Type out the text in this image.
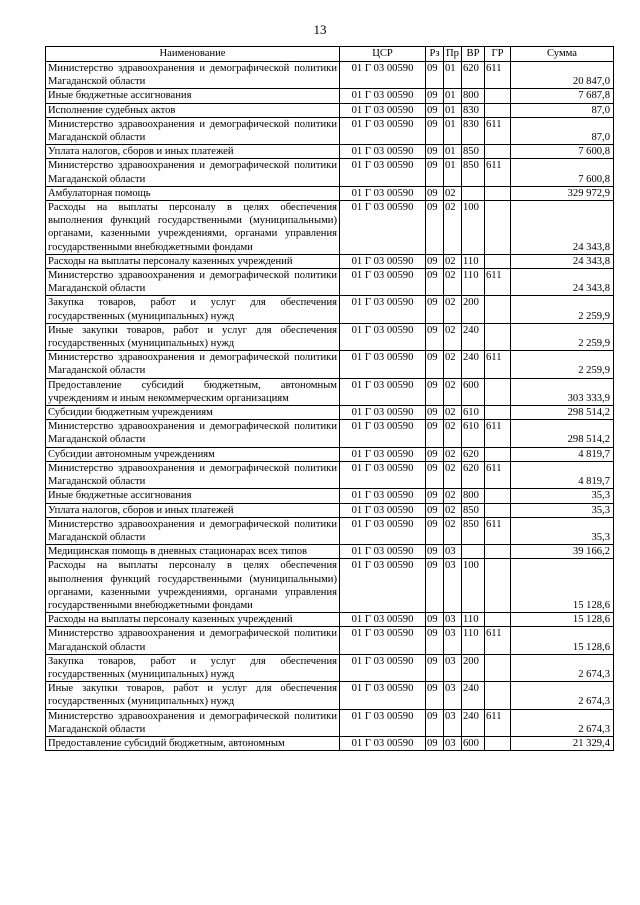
13
Наименование	ЦСР	Рз	Пр	ВР	ГР	Сумма
Министерство здравоохранения и демографической политики Магаданской области	01 Г 03 00590	09	01	620	611	20 847,0
Иные бюджетные ассигнования	01 Г 03 00590	09	01	800		7 687,8
Исполнение судебных актов	01 Г 03 00590	09	01	830		87,0
Министерство здравоохранения и демографической политики Магаданской области	01 Г 03 00590	09	01	830	611	87,0
Уплата налогов, сборов и иных платежей	01 Г 03 00590	09	01	850		7 600,8
Министерство здравоохранения и демографической политики Магаданской области	01 Г 03 00590	09	01	850	611	7 600,8
Амбулаторная помощь	01 Г 03 00590	09	02			329 972,9
Расходы на выплаты персоналу в целях обеспечения выполнения функций государственными (муниципальными) органами, казенными учреждениями, органами управления государственными внебюджетными фондами	01 Г 03 00590	09	02	100		24 343,8
Расходы на выплаты персоналу казенных учреждений	01 Г 03 00590	09	02	110		24 343,8
Министерство здравоохранения и демографической политики Магаданской области	01 Г 03 00590	09	02	110	611	24 343,8
Закупка товаров, работ и услуг для обеспечения государственных (муниципальных) нужд	01 Г 03 00590	09	02	200		2 259,9
Иные закупки товаров, работ и услуг для обеспечения государственных (муниципальных) нужд	01 Г 03 00590	09	02	240		2 259,9
Министерство здравоохранения и демографической политики Магаданской области	01 Г 03 00590	09	02	240	611	2 259,9
Предоставление субсидий бюджетным, автономным учреждениям и иным некоммерческим организациям	01 Г 03 00590	09	02	600		303 333,9
Субсидии бюджетным учреждениям	01 Г 03 00590	09	02	610		298 514,2
Министерство здравоохранения и демографической политики Магаданской области	01 Г 03 00590	09	02	610	611	298 514,2
Субсидии автономным учреждениям	01 Г 03 00590	09	02	620		4 819,7
Министерство здравоохранения и демографической политики Магаданской области	01 Г 03 00590	09	02	620	611	4 819,7
Иные бюджетные ассигнования	01 Г 03 00590	09	02	800		35,3
Уплата налогов, сборов и иных платежей	01 Г 03 00590	09	02	850		35,3
Министерство здравоохранения и демографической политики Магаданской области	01 Г 03 00590	09	02	850	611	35,3
Медицинская помощь в дневных стационарах всех типов	01 Г 03 00590	09	03			39 166,2
Расходы на выплаты персоналу в целях обеспечения выполнения функций государственными (муниципальными) органами, казенными учреждениями, органами управления государственными внебюджетными фондами	01 Г 03 00590	09	03	100		15 128,6
Расходы на выплаты персоналу казенных учреждений	01 Г 03 00590	09	03	110		15 128,6
Министерство здравоохранения и демографической политики Магаданской области	01 Г 03 00590	09	03	110	611	15 128,6
Закупка товаров, работ и услуг для обеспечения государственных (муниципальных) нужд	01 Г 03 00590	09	03	200		2 674,3
Иные закупки товаров, работ и услуг для обеспечения государственных (муниципальных) нужд	01 Г 03 00590	09	03	240		2 674,3
Министерство здравоохранения и демографической политики Магаданской области	01 Г 03 00590	09	03	240	611	2 674,3
Предоставление субсидий бюджетным, автономным	01 Г 03 00590	09	03	600		21 329,4
